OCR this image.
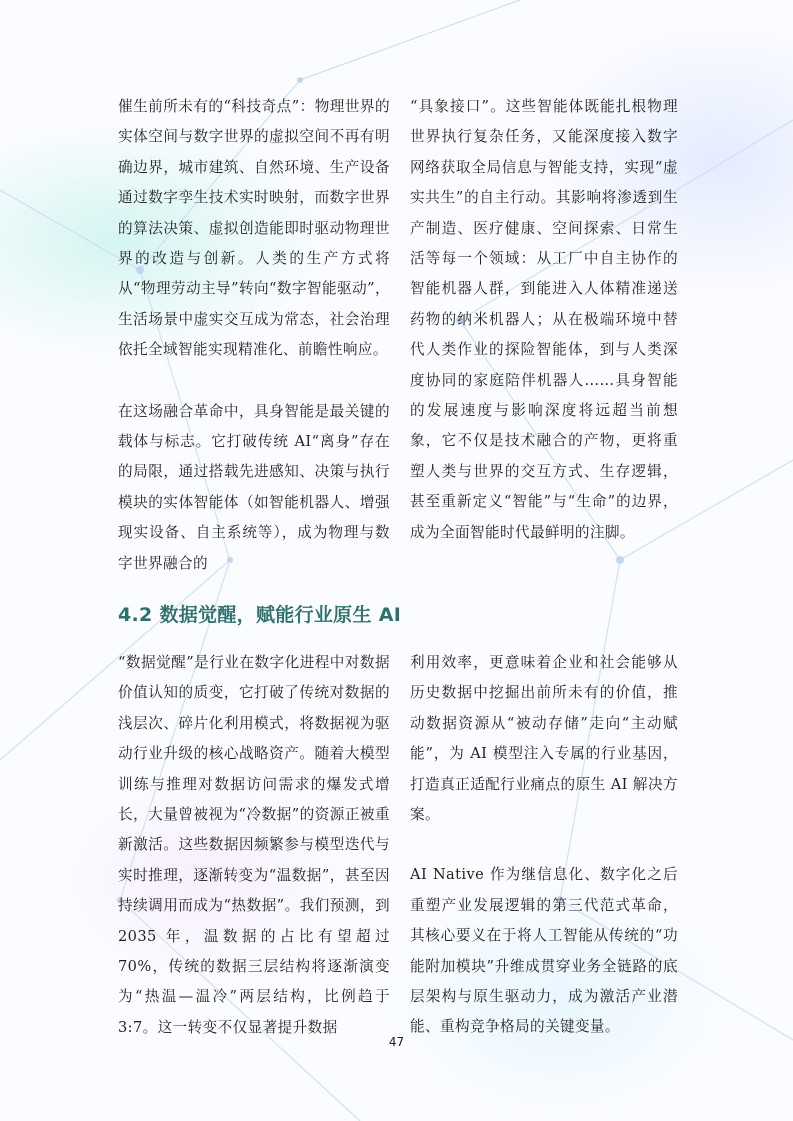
催生前所未有的“科技奇点”：物理世界的实体空间与数字世界的虚拟空间不再有明确边界，城市建筑、自然环境、生产设备通过数字孪生技术实时映射，而数字世界的算法决策、虚拟创造能即时驱动物理世界的改造与创新。人类的生产方式将从“物理劳动主导”转向“数字智能驱动”，生活场景中虚实交互成为常态，社会治理依托全域智能实现精准化、前瞻性响应。

在这场融合革命中，具身智能是最关键的载体与标志。它打破传统 AI“离身”存在的局限，通过搭载先进感知、决策与执行模块的实体智能体（如智能机器人、增强现实设备、自主系统等），成为物理与数字世界融合的

“具象接口”。这些智能体既能扎根物理世界执行复杂任务，又能深度接入数字网络获取全局信息与智能支持，实现“虚实共生”的自主行动。其影响将渗透到生产制造、医疗健康、空间探索、日常生活等每一个领域：从工厂中自主协作的智能机器人群，到能进入人体精准递送药物的纳米机器人；从在极端环境中替代人类作业的探险智能体，到与人类深度协同的家庭陪伴机器人……具身智能的发展速度与影响深度将远超当前想象，它不仅是技术融合的产物，更将重塑人类与世界的交互方式、生存逻辑，甚至重新定义“智能”与“生命”的边界，成为全面智能时代最鲜明的注脚。

4.2 数据觉醒，赋能行业原生 AI

“数据觉醒”是行业在数字化进程中对数据价值认知的质变，它打破了传统对数据的浅层次、碎片化利用模式，将数据视为驱动行业升级的核心战略资产。随着大模型训练与推理对数据访问需求的爆发式增长，大量曾被视为“冷数据”的资源正被重新激活。这些数据因频繁参与模型迭代与实时推理，逐渐转变为“温数据”，甚至因持续调用而成为“热数据”。我们预测，到 2035 年，温数据的占比有望超过 70%，传统的数据三层结构将逐渐演变为“热温—温冷”两层结构，比例趋于 3:7。这一转变不仅显著提升数据

利用效率，更意味着企业和社会能够从历史数据中挖掘出前所未有的价值，推动数据资源从“被动存储”走向“主动赋能”，为 AI 模型注入专属的行业基因，打造真正适配行业痛点的原生 AI 解决方案。

AI Native 作为继信息化、数字化之后重塑产业发展逻辑的第三代范式革命，其核心要义在于将人工智能从传统的“功能附加模块”升维成贯穿业务全链路的底层架构与原生驱动力，成为激活产业潜能、重构竞争格局的关键变量。

47
